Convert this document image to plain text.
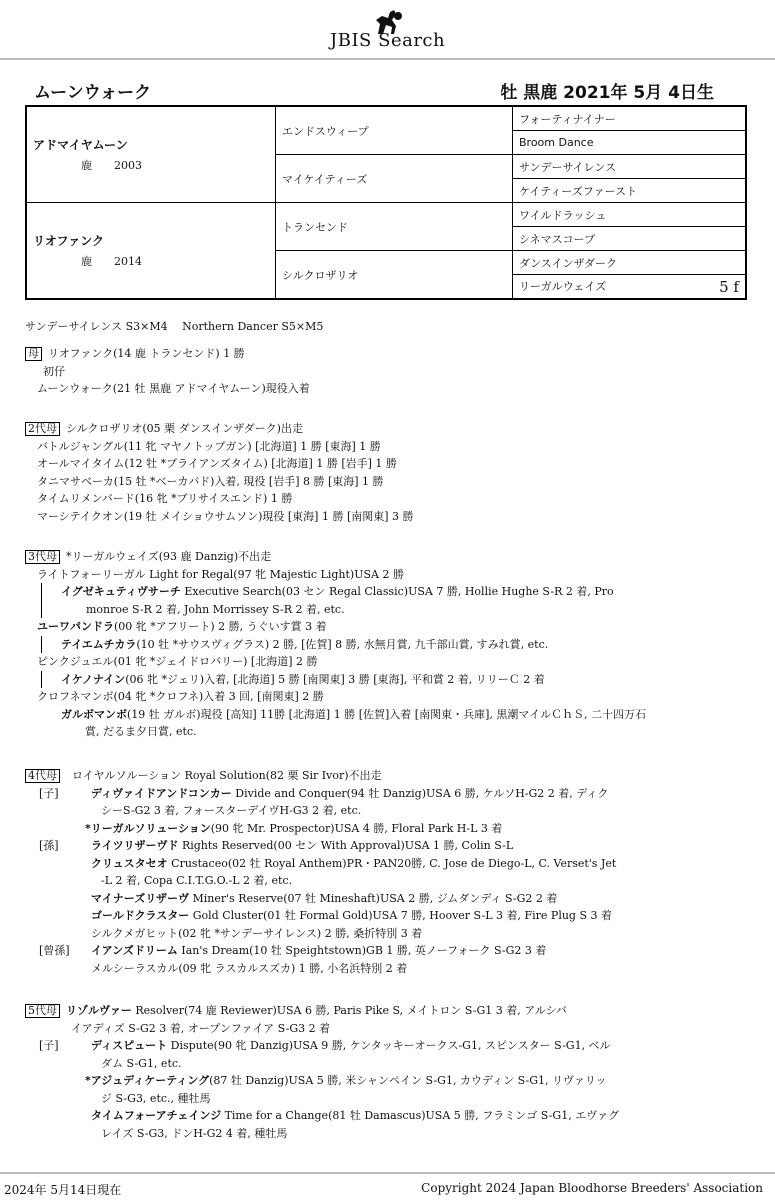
JBIS Search
ムーンウォーク	牡 黒鹿 2021年 5月 4日生
アドマイヤムーン
鹿 2003	エンドスウィープ	フォーティナイナー
		Broom Dance
	マイケイティーズ	サンデーサイレンス
		ケイティーズファースト

リオファンク
鹿 2014	トランセンド	ワイルドラッシュ
		シネマスコープ
	シルクロザリオ	ダンスインザダーク
		リーガルウェイズ 5 f
サンデーサイレンス S3×M4　 Northern Dancer S5×M5
母 リオファンク(14 鹿 トランセンド) 1 勝
初仔
ムーンウォーク(21 牡 黒鹿 アドマイヤムーン)現役入着
2代母 シルクロザリオ(05 栗 ダンスインザダーク)出走
バトルジャングル(11 牝 マヤノトップガン) [北海道] 1 勝 [東海] 1 勝
オールマイタイム(12 牡 *ブライアンズタイム) [北海道] 1 勝 [岩手] 1 勝
タニマサベーカ(15 牡 *ベーカバド)入着, 現役 [岩手] 8 勝 [東海] 1 勝
タイムリメンバード(16 牝 *ブリサイスエンド) 1 勝
マーシテイクオン(19 牡 メイショウサムソン)現役 [東海] 1 勝 [南関東] 3 勝
3代母 *リーガルウェイズ(93 鹿 Danzig)不出走
ライトフォーリーガル Light for Regal(97 牝 Majestic Light)USA 2 勝
イグゼキュティヴサーチ Executive Search(03 セン Regal Classic)USA 7 勝, Hollie Hughe S-R 2 着, Pro
monroe S-R 2 着, John Morrissey S-R 2 着, etc.
ユーワパンドラ(00 牝 *アフリート) 2 勝, うぐいす賞 3 着
テイエムチカラ(10 牡 *サウスヴィグラス) 2 勝, [佐賀] 8 勝, 水無月賞, 九千部山賞, すみれ賞, etc.
ピンクジュエル(01 牝 *ジェイドロバリー) [北海道] 2 勝
イケノナイン(06 牝 *ジェリ)入着, [北海道] 5 勝 [南関東] 3 勝 [東海], 平和賞 2 着, リリーＣ 2 着
クロフネマンボ(04 牝 *クロフネ)入着 3 回, [南関東] 2 勝
ガルボマンボ(19 牡 ガルボ)現役 [高知] 11勝 [北海道] 1 勝 [佐賀]入着 [南関東・兵庫], 黒潮マイルＣｈＳ, 二十四万石
賞, だるま夕日賞, etc.
4代母 ロイヤルソルーション Royal Solution(82 栗 Sir Ivor)不出走
[子]	ディヴァイドアンドコンカー Divide and Conquer(94 牡 Danzig)USA 6 勝, ケルソH-G2 2 着, ディク
シーS-G2 3 着, フォースターデイヴH-G3 2 着, etc.
*リーガルソリューション(90 牝 Mr. Prospector)USA 4 勝, Floral Park H-L 3 着
[孫]	ライツリザーヴド Rights Reserved(00 セン With Approval)USA 1 勝, Colin S-L
クリュスタセオ Crustaceo(02 牡 Royal Anthem)PR・PAN20勝, C. Jose de Diego-L, C. Verset's Jet
-L 2 着, Copa C.I.T.G.O.-L 2 着, etc.
マイナーズリザーヴ Miner's Reserve(07 牡 Mineshaft)USA 2 勝, ジムダンディ S-G2 2 着
ゴールドクラスター Gold Cluster(01 牡 Formal Gold)USA 7 勝, Hoover S-L 3 着, Fire Plug S 3 着
シルクメガヒット(02 牝 *サンデーサイレンス) 2 勝, 桑折特別 3 着
[曾孫] イアンズドリーム Ian's Dream(10 牡 Speightstown)GB 1 勝, 英ノーフォーク S-G2 3 着
メルシーラスカル(09 牝 ラスカルスズカ) 1 勝, 小名浜特別 2 着
5代母 リゾルヴァー Resolver(74 鹿 Reviewer)USA 6 勝, Paris Pike S, メイトロン S-G1 3 着, アルシバ
イアディズ S-G2 3 着, オープンファイア S-G3 2 着
[子]	ディスピュート Dispute(90 牝 Danzig)USA 9 勝, ケンタッキーオークス-G1, スピンスター S-G1, ベル
ダム S-G1, etc.
*アジュディケーティング(87 牡 Danzig)USA 5 勝, 米シャンペイン S-G1, カウディン S-G1, リヴァリッ
ジ S-G3, etc., 種牡馬
タイムフォーアチェインジ Time for a Change(81 牡 Damascus)USA 5 勝, フラミンゴ S-G1, エヴァグ
レイズ S-G3, ドンH-G2 4 着, 種牡馬
2024年 5月14日現在	Copyright 2024 Japan Bloodhorse Breeders' Association
